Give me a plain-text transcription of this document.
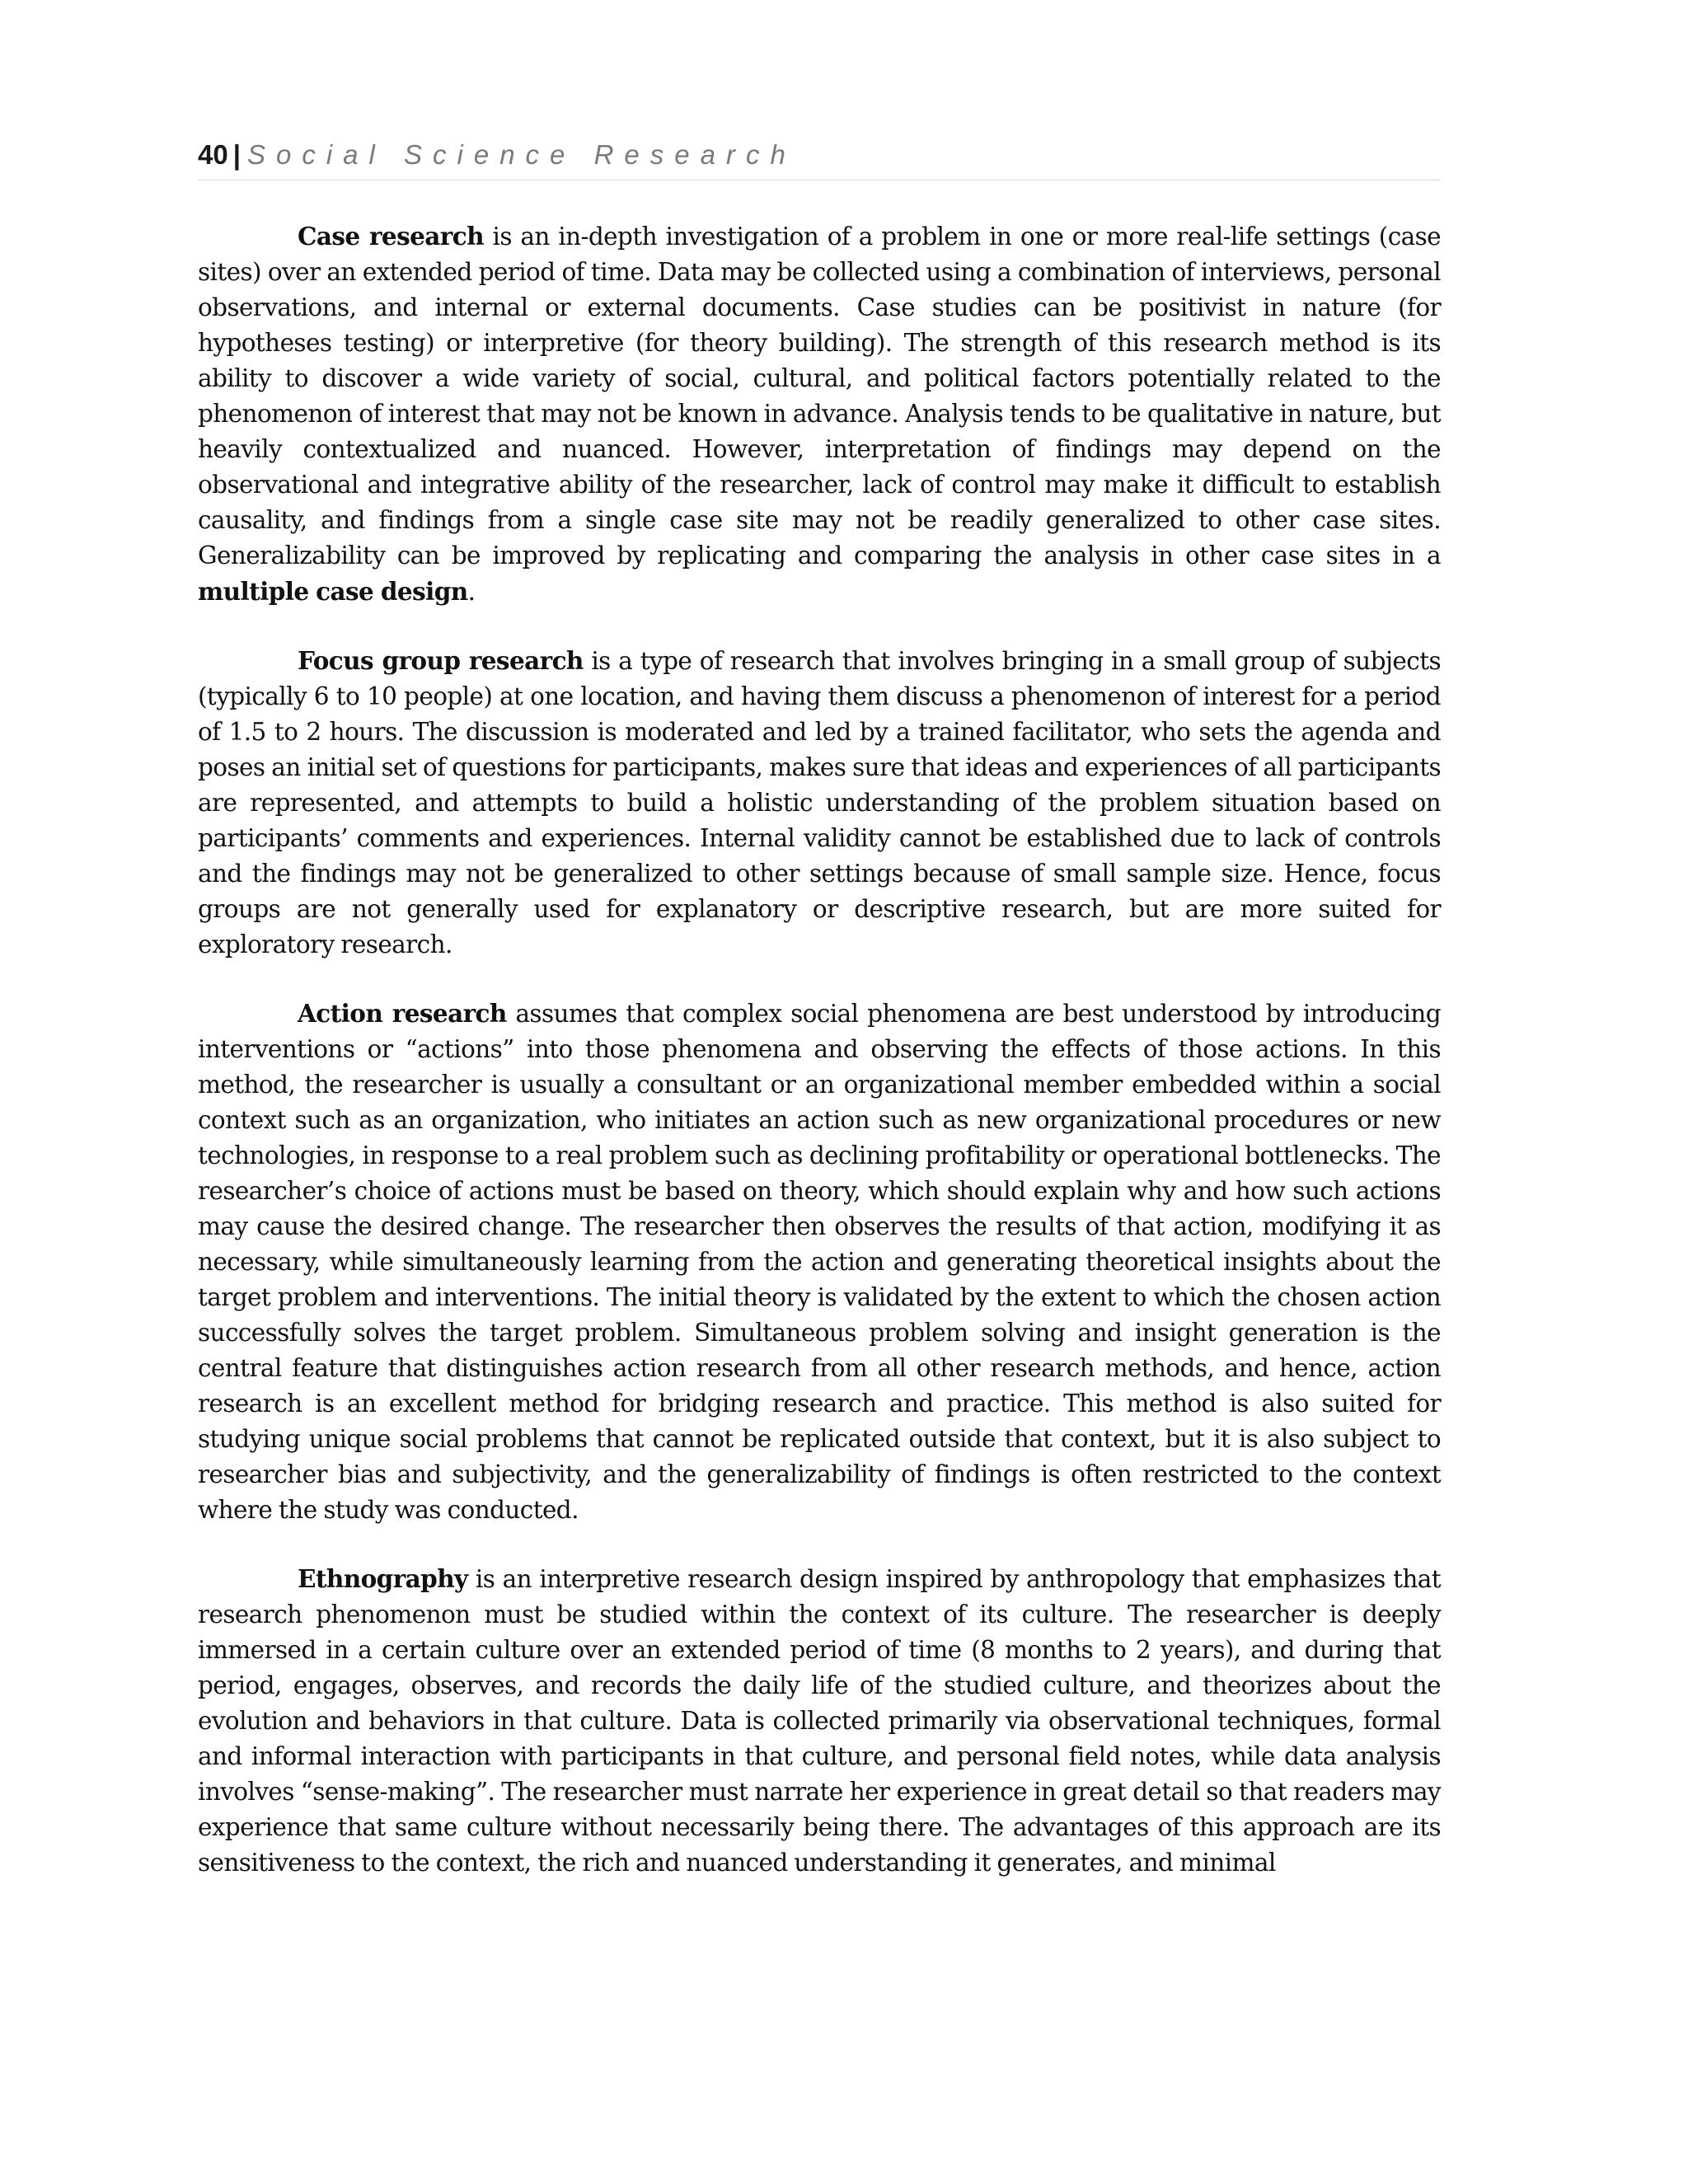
40 | Social Science Research

Case research is an in-depth investigation of a problem in one or more real-life settings (case sites) over an extended period of time. Data may be collected using a combination of interviews, personal observations, and internal or external documents. Case studies can be positivist in nature (for hypotheses testing) or interpretive (for theory building). The strength of this research method is its ability to discover a wide variety of social, cultural, and political factors potentially related to the phenomenon of interest that may not be known in advance. Analysis tends to be qualitative in nature, but heavily contextualized and nuanced. However, interpretation of findings may depend on the observational and integrative ability of the researcher, lack of control may make it difficult to establish causality, and findings from a single case site may not be readily generalized to other case sites. Generalizability can be improved by replicating and comparing the analysis in other case sites in a multiple case design.

Focus group research is a type of research that involves bringing in a small group of subjects (typically 6 to 10 people) at one location, and having them discuss a phenomenon of interest for a period of 1.5 to 2 hours. The discussion is moderated and led by a trained facilitator, who sets the agenda and poses an initial set of questions for participants, makes sure that ideas and experiences of all participants are represented, and attempts to build a holistic understanding of the problem situation based on participants’ comments and experiences. Internal validity cannot be established due to lack of controls and the findings may not be generalized to other settings because of small sample size. Hence, focus groups are not generally used for explanatory or descriptive research, but are more suited for exploratory research.

Action research assumes that complex social phenomena are best understood by introducing interventions or “actions” into those phenomena and observing the effects of those actions. In this method, the researcher is usually a consultant or an organizational member embedded within a social context such as an organization, who initiates an action such as new organizational procedures or new technologies, in response to a real problem such as declining profitability or operational bottlenecks. The researcher’s choice of actions must be based on theory, which should explain why and how such actions may cause the desired change. The researcher then observes the results of that action, modifying it as necessary, while simultaneously learning from the action and generating theoretical insights about the target problem and interventions. The initial theory is validated by the extent to which the chosen action successfully solves the target problem. Simultaneous problem solving and insight generation is the central feature that distinguishes action research from all other research methods, and hence, action research is an excellent method for bridging research and practice. This method is also suited for studying unique social problems that cannot be replicated outside that context, but it is also subject to researcher bias and subjectivity, and the generalizability of findings is often restricted to the context where the study was conducted.

Ethnography is an interpretive research design inspired by anthropology that emphasizes that research phenomenon must be studied within the context of its culture. The researcher is deeply immersed in a certain culture over an extended period of time (8 months to 2 years), and during that period, engages, observes, and records the daily life of the studied culture, and theorizes about the evolution and behaviors in that culture. Data is collected primarily via observational techniques, formal and informal interaction with participants in that culture, and personal field notes, while data analysis involves “sense-making”. The researcher must narrate her experience in great detail so that readers may experience that same culture without necessarily being there. The advantages of this approach are its sensitiveness to the context, the rich and nuanced understanding it generates, and minimal
